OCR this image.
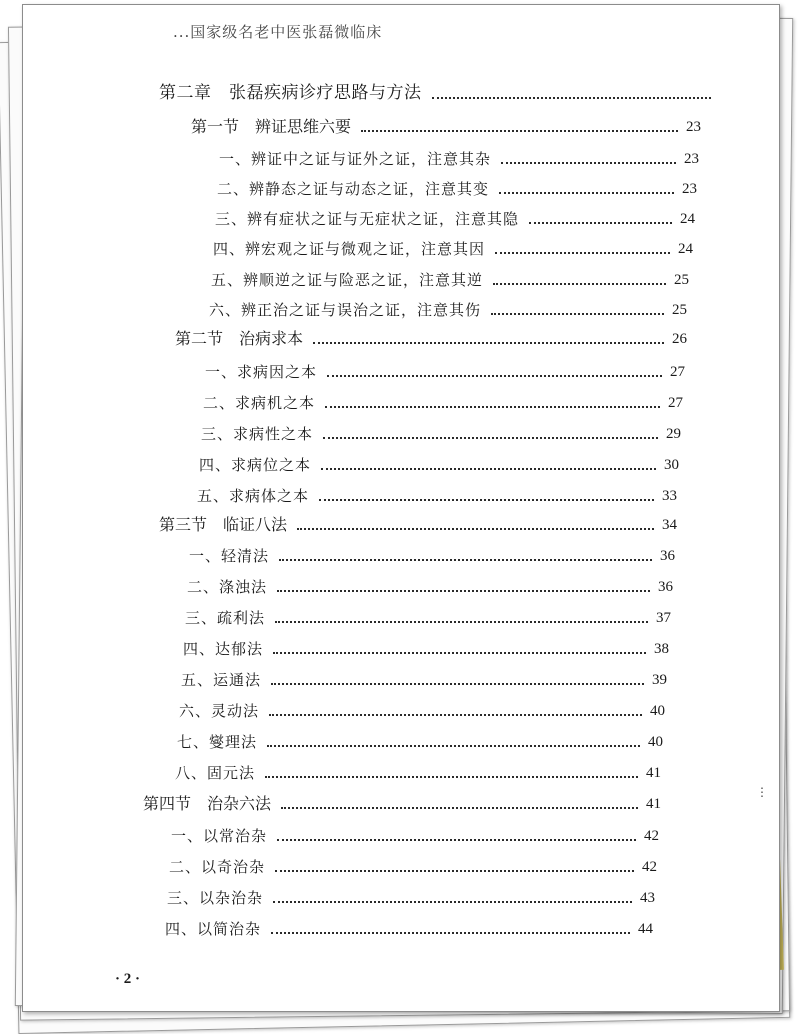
...国家级名老中医张磊微临床
第二章　张磊疾病诊疗思路与方法
第一节　辨证思维六要	23
一、辨证中之证与证外之证，注意其杂	23
二、辨静态之证与动态之证，注意其变	23
三、辨有症状之证与无症状之证，注意其隐	24
四、辨宏观之证与微观之证，注意其因	24
五、辨顺逆之证与险恶之证，注意其逆	25
六、辨正治之证与误治之证，注意其伤	25
第二节　治病求本	26
一、求病因之本	27
二、求病机之本	27
三、求病性之本	29
四、求病位之本	30
五、求病体之本	33
第三节　临证八法	34
一、轻清法	36
二、涤浊法	36
三、疏利法	37
四、达郁法	38
五、运通法	39
六、灵动法	40
七、燮理法	40
八、固元法	41
第四节　治杂六法	41
一、以常治杂	42
二、以奇治杂	42
三、以杂治杂	43
四、以简治杂	44
⋮
· 2 ·
